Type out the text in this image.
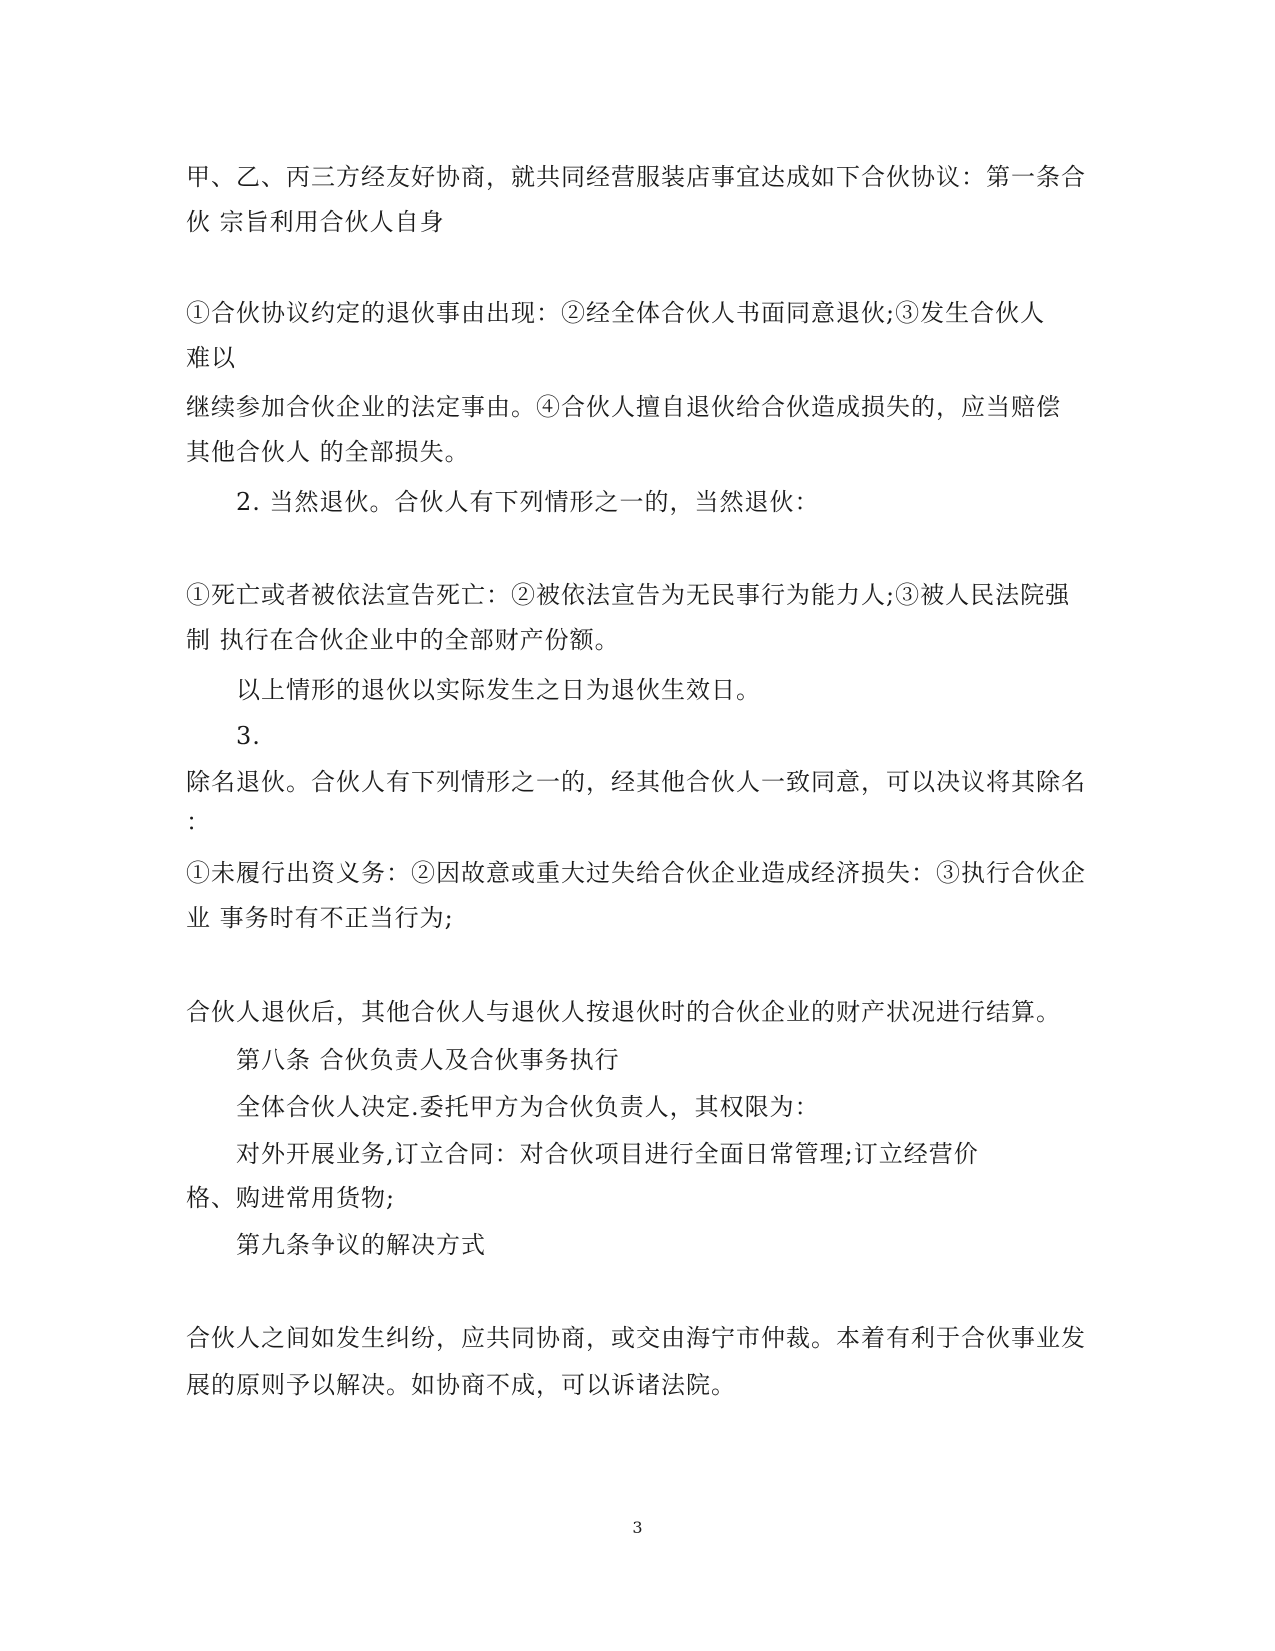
甲、乙、丙三方经友好协商，就共同经营服装店事宜达成如下合伙协议：第一条合
伙 宗旨利用合伙人自身
①合伙协议约定的退伙事由出现：②经全体合伙人书面同意退伙;③发生合伙人
难以
继续参加合伙企业的法定事由。④合伙人擅自退伙给合伙造成损失的，应当赔偿
其他合伙人 的全部损失。
2. 当然退伙。合伙人有下列情形之一的，当然退伙：
①死亡或者被依法宣告死亡：②被依法宣告为无民事行为能力人;③被人民法院强
制 执行在合伙企业中的全部财产份额。
以上情形的退伙以实际发生之日为退伙生效日。
3.
除名退伙。合伙人有下列情形之一的，经其他合伙人一致同意，可以决议将其除名
：
①未履行出资义务：②因故意或重大过失给合伙企业造成经济损失：③执行合伙企
业 事务时有不正当行为;
合伙人退伙后，其他合伙人与退伙人按退伙时的合伙企业的财产状况进行结算。
第八条 合伙负责人及合伙事务执行
全体合伙人决定.委托甲方为合伙负责人，其权限为：
对外开展业务,订立合同：对合伙项目进行全面日常管理;订立经营价
格、购进常用货物;
第九条争议的解决方式
合伙人之间如发生纠纷，应共同协商，或交由海宁市仲裁。本着有利于合伙事业发
展的原则予以解决。如协商不成，可以诉诸法院。
3
